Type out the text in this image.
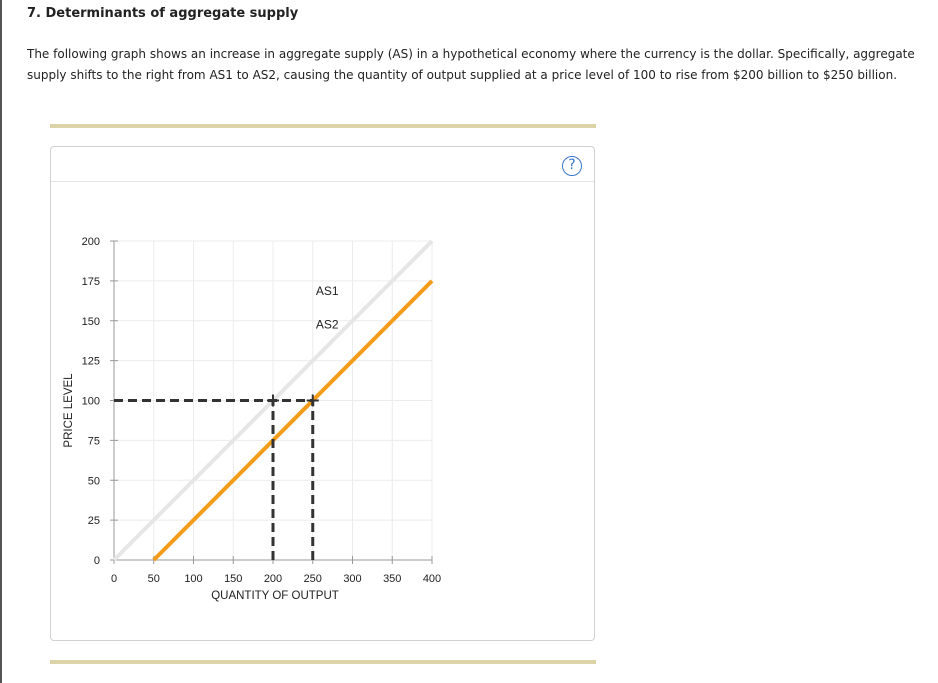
7. Determinants of aggregate supply
The following graph shows an increase in aggregate supply (AS) in a hypothetical economy where the currency is the dollar. Specifically, aggregate supply shifts to the right from AS1 to AS2, causing the quantity of output supplied at a price level of 100 to rise from $200 billion to $250 billion.
?
0
25
50
75
100
125
150
175
200
0	50 100 150 200 250 300 350 400
QUANTITY OF OUTPUT
PRICE LEVEL
AS1
AS2
